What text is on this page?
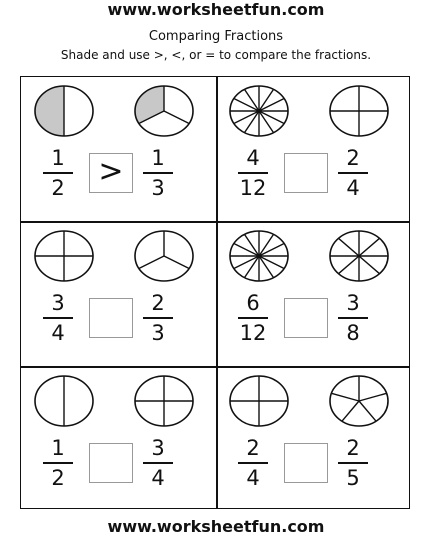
www.worksheetfun.com
Comparing Fractions
Shade and use >, <, or = to compare the fractions.
1
2
1
3
>	4
12
2
4
3
4
2
3
6
12
3
8
1
2
3
4
2
4
2
5
www.worksheetfun.com
